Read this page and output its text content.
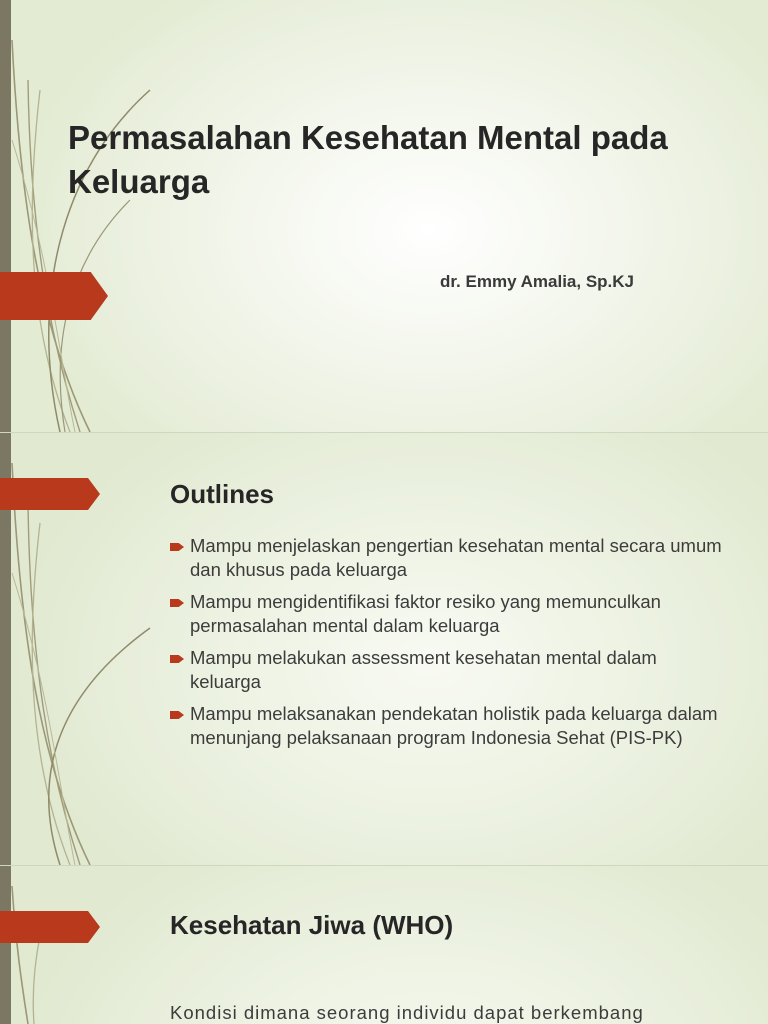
Permasalahan Kesehatan Mental pada Keluarga

dr. Emmy Amalia, Sp.KJ

Outlines
Mampu menjelaskan pengertian kesehatan mental secara umum dan khusus pada keluarga
Mampu mengidentifikasi faktor resiko yang memunculkan permasalahan mental dalam keluarga
Mampu melakukan assessment kesehatan mental dalam keluarga
Mampu melaksanakan pendekatan holistik pada keluarga dalam menunjang pelaksanaan program Indonesia Sehat (PIS-PK)
Kesehatan Jiwa (WHO)

Kondisi dimana seorang individu dapat berkembang
